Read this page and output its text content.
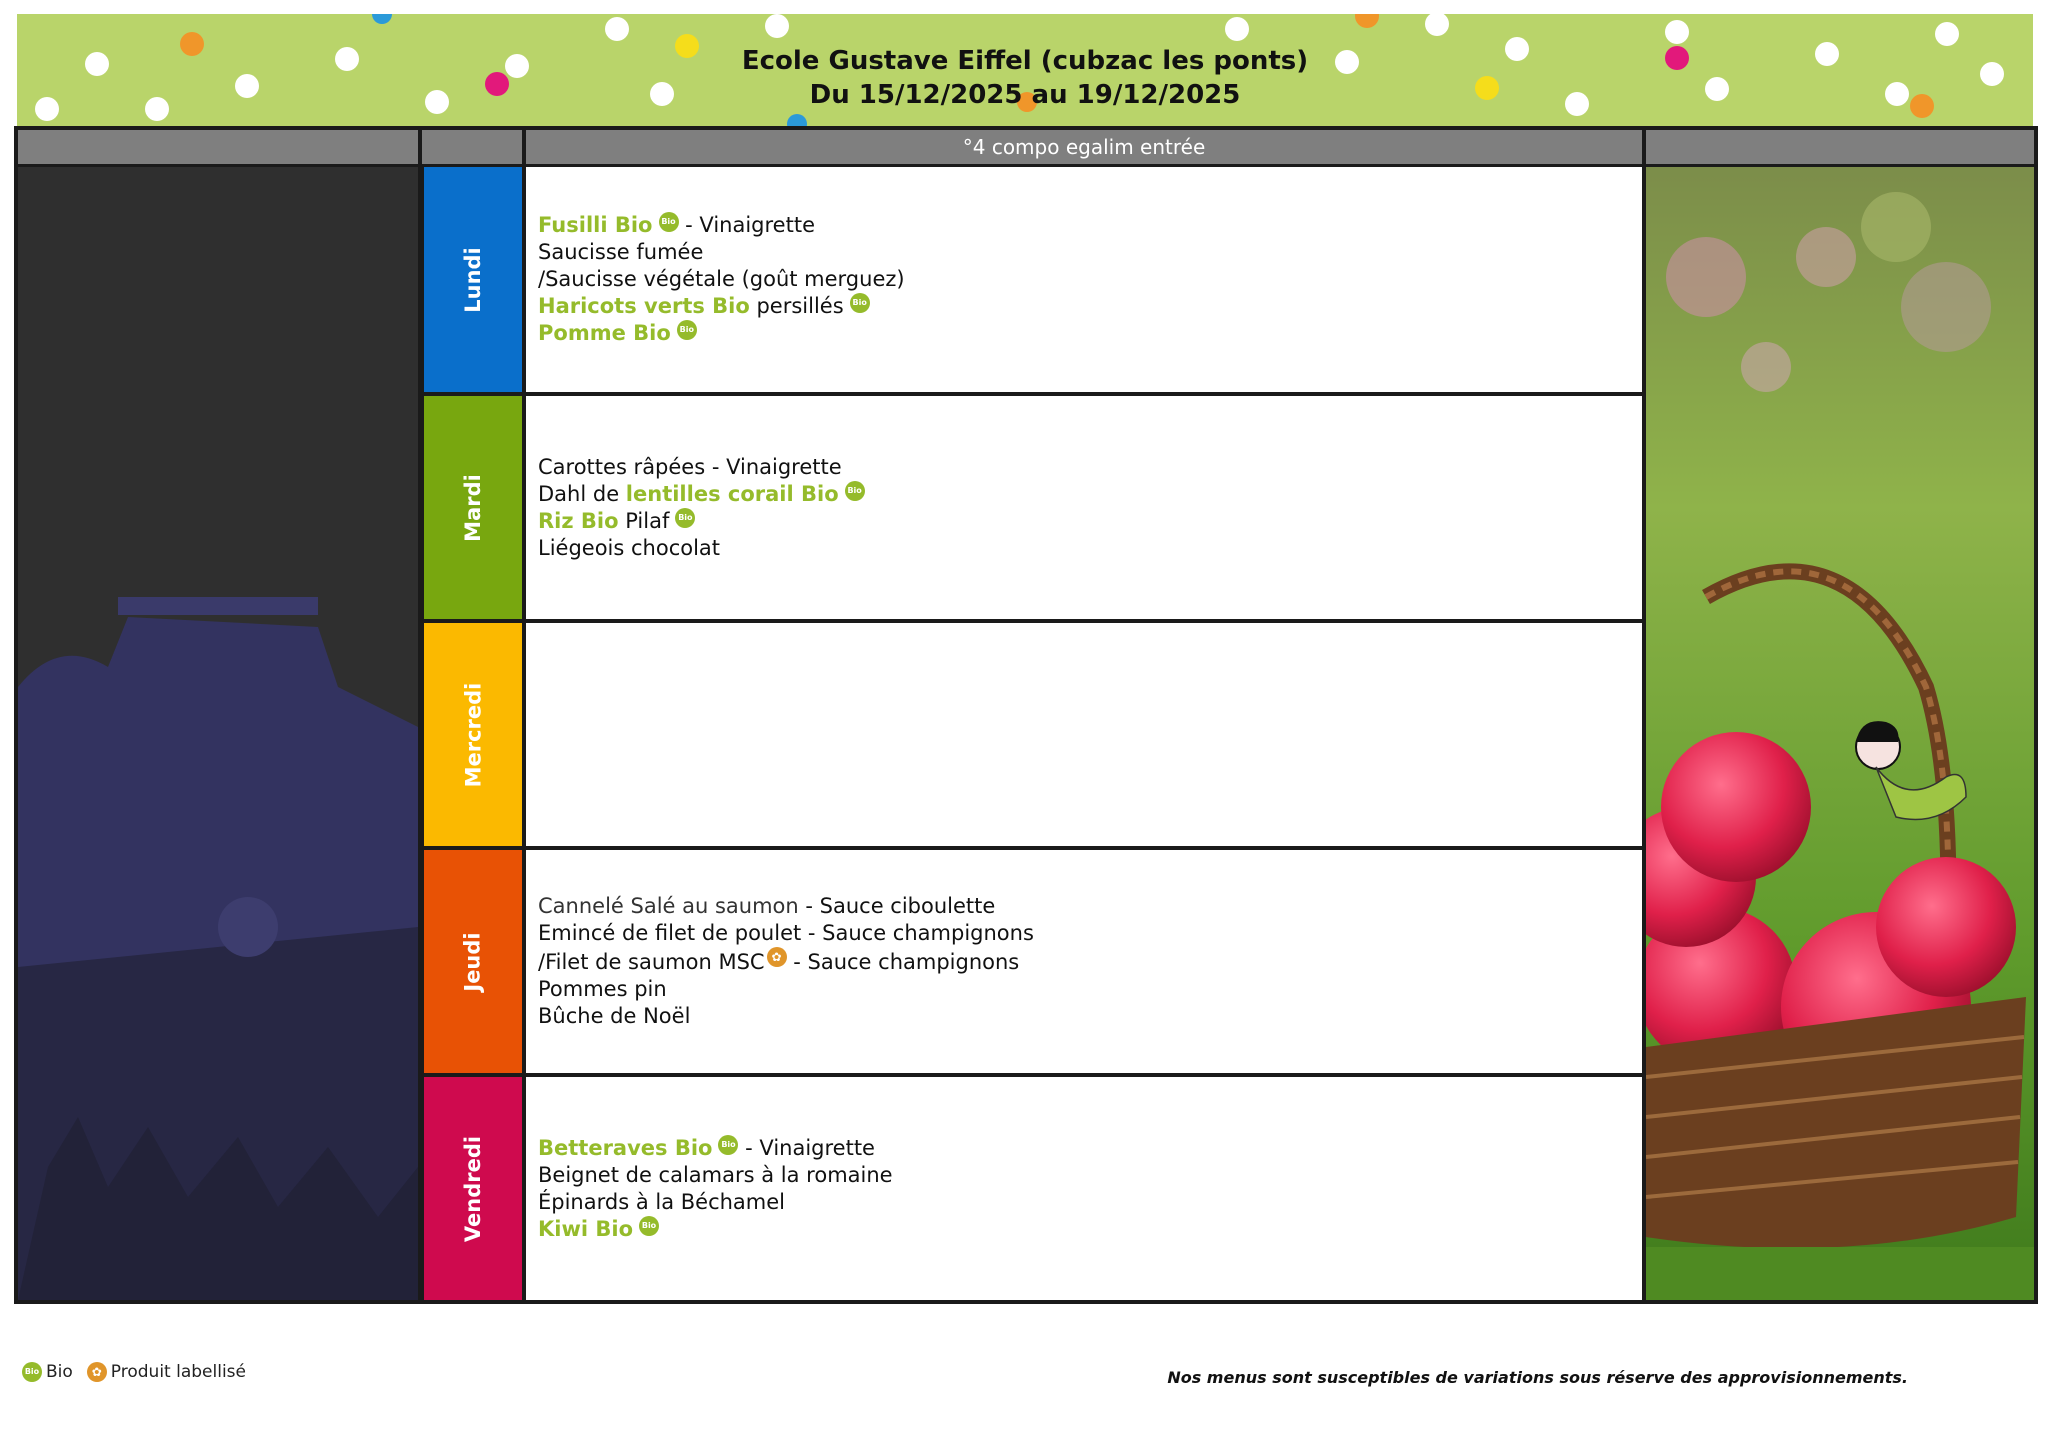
Ecole Gustave Eiffel (cubzac les ponts)
Du 15/12/2025 au 19/12/2025
°4 compo egalim entrée
Lundi
Mardi
Mercredi
Jeudi
Vendredi
Fusilli Bio Bio - Vinaigrette
Saucisse fumée
/Saucisse végétale (goût merguez)
Haricots verts Bio persillés Bio
Pomme Bio Bio
Carottes râpées - Vinaigrette
Dahl de lentilles corail Bio Bio
Riz Bio Pilaf Bio
Liégeois chocolat
Cannelé Salé au saumon - Sauce ciboulette
Emincé de filet de poulet - Sauce champignons
/Filet de saumon MSC ✿ - Sauce champignons
Pommes pin
Bûche de Noël
Betteraves Bio Bio - Vinaigrette
Beignet de calamars à la romaine
Épinards à la Béchamel
Kiwi Bio Bio
Bio Bio	✿ Produit labellisé	Nos menus sont susceptibles de variations sous réserve des approvisionnements.
